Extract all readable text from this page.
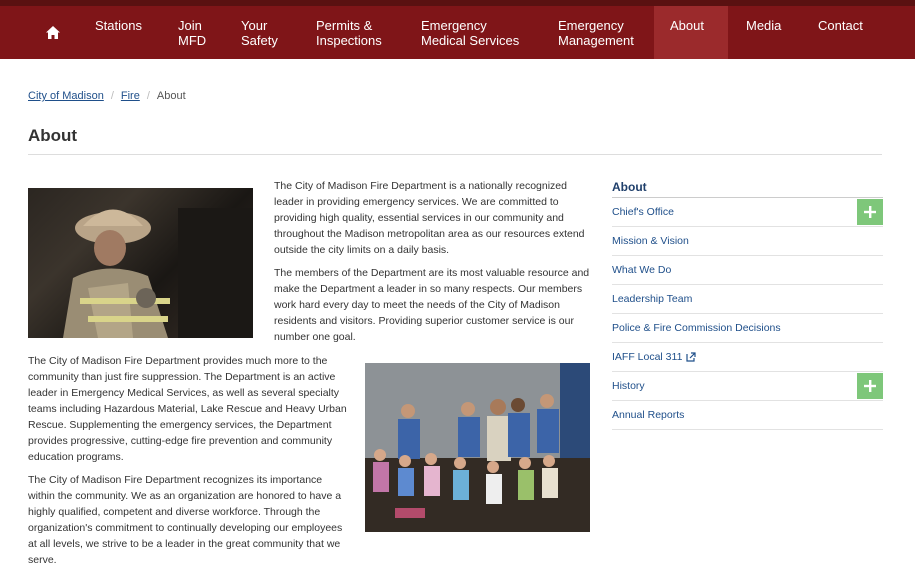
Stations	Join
MFD
Your
Safety
Permits &
Inspections
Emergency
Medical Services
Emergency
Management
About	Media	Contact
City of Madison / Fire / About
About

The City of Madison Fire Department is a nationally recognized leader in providing emergency services. We are committed to providing high quality, essential services in our community and throughout the Madison metropolitan area as our resources extend outside the city limits on a daily basis.

The members of the Department are its most valuable resource and make the Department a leader in so many respects. Our members work hard every day to meet the needs of the City of Madison residents and visitors. Providing superior customer service is our number one goal.

The City of Madison Fire Department provides much more to the community than just fire suppression. The Department is an active leader in Emergency Medical Services, as well as several specialty teams including Hazardous Material, Lake Rescue and Heavy Urban Rescue. Supplementing the emergency services, the Department provides progressive, cutting-edge fire prevention and community education programs.

The City of Madison Fire Department recognizes its importance within the community. We as an organization are honored to have a highly qualified, competent and diverse workforce. Through the organization's commitment to continually developing our employees at all levels, we strive to be a leader in the great community that we serve.

About
Chief's Office
Mission & Vision
What We Do
Leadership Team
Police & Fire Commission Decisions
IAFF Local 311
History
Annual Reports
